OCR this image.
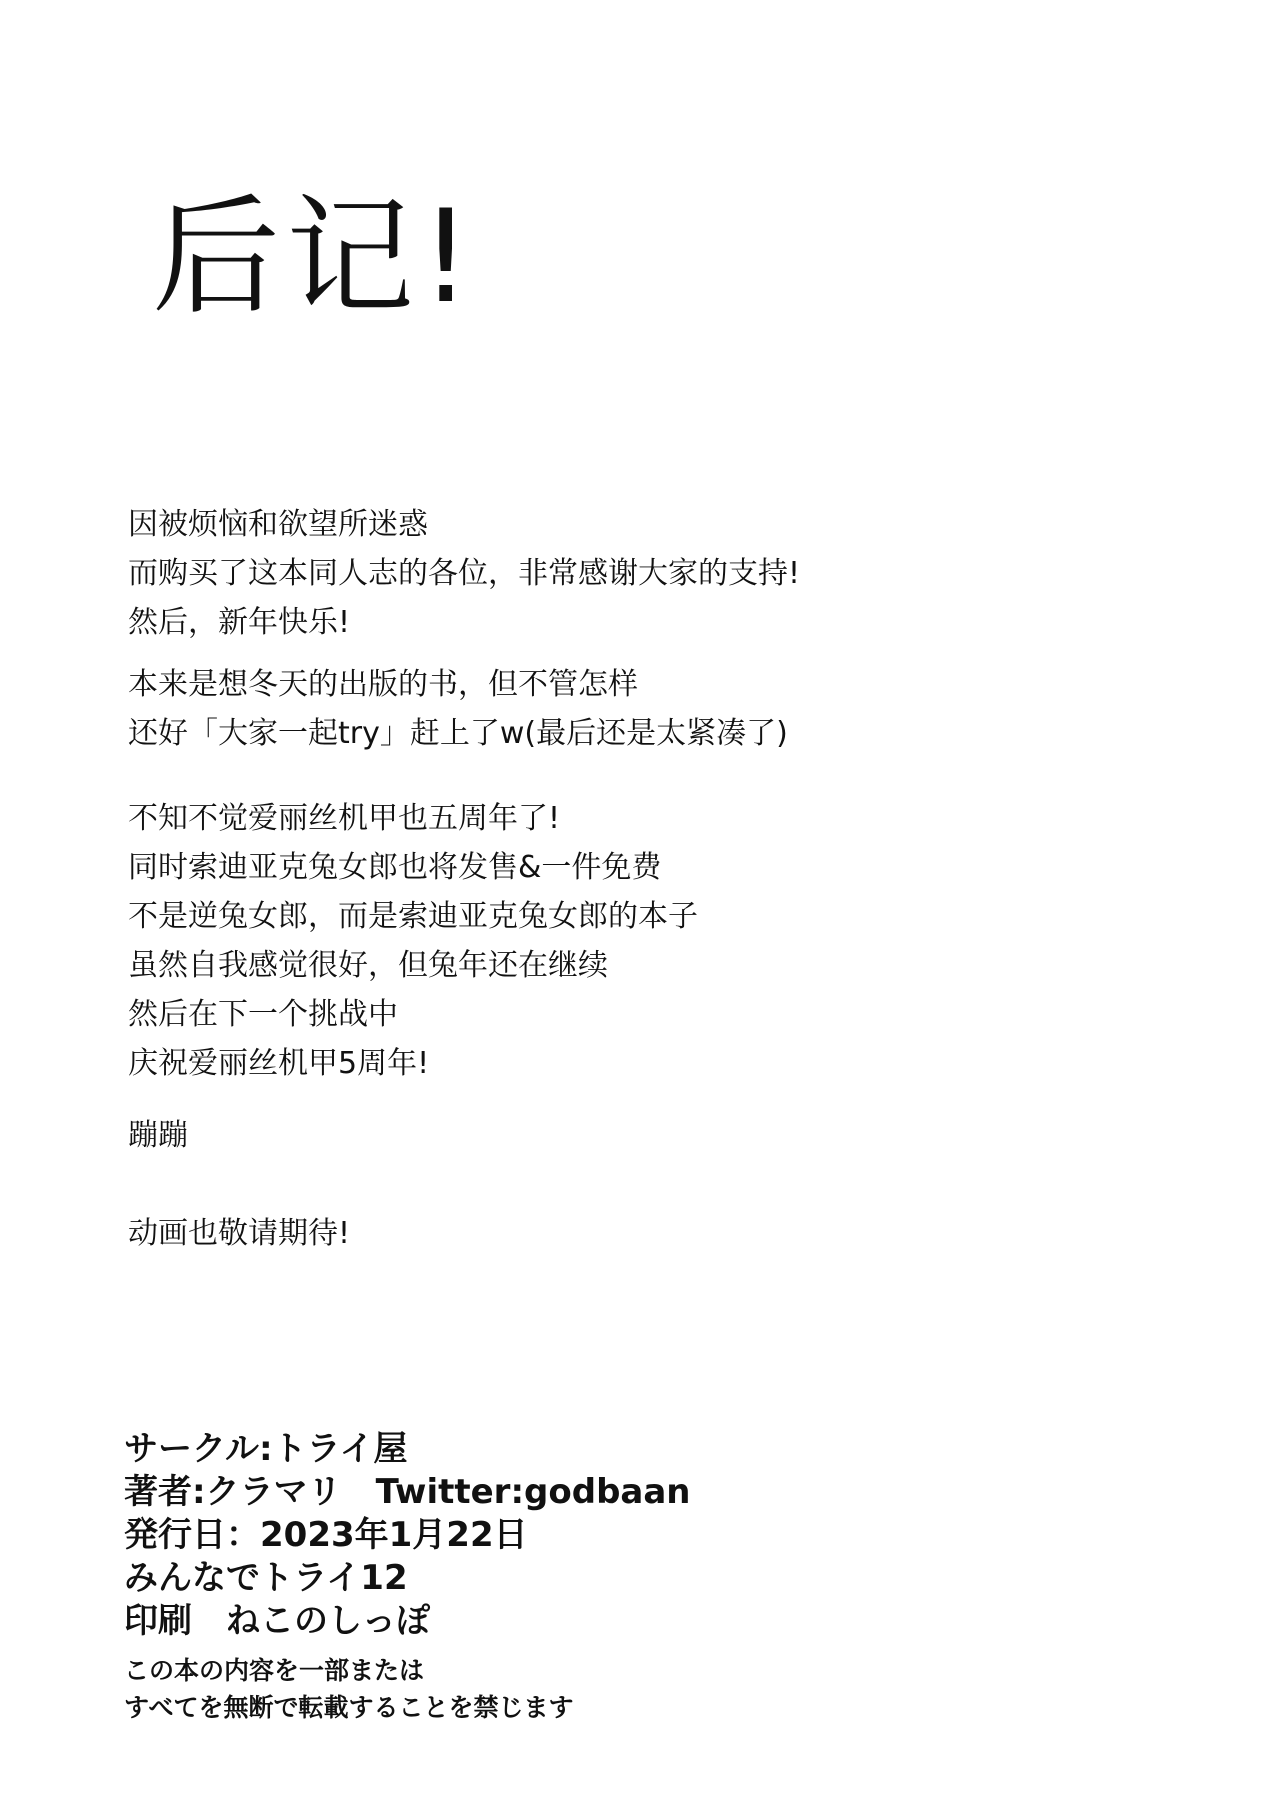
后记!

因被烦恼和欲望所迷惑
而购买了这本同人志的各位，非常感谢大家的支持!
然后，新年快乐!

本来是想冬天的出版的书，但不管怎样
还好「大家一起try」赶上了w(最后还是太紧凑了)

不知不觉爱丽丝机甲也五周年了!
同时索迪亚克兔女郎也将发售&一件免费
不是逆兔女郎，而是索迪亚克兔女郎的本子
虽然自我感觉很好，但兔年还在继续
然后在下一个挑战中
庆祝爱丽丝机甲5周年!

蹦蹦

动画也敬请期待!

サークル:トライ屋
著者:クラマリ　Twitter:godbaan
発行日：2023年1月22日
みんなでトライ12
印刷　ねこのしっぽ
この本の内容を一部または
すべてを無断で転載することを禁じます
